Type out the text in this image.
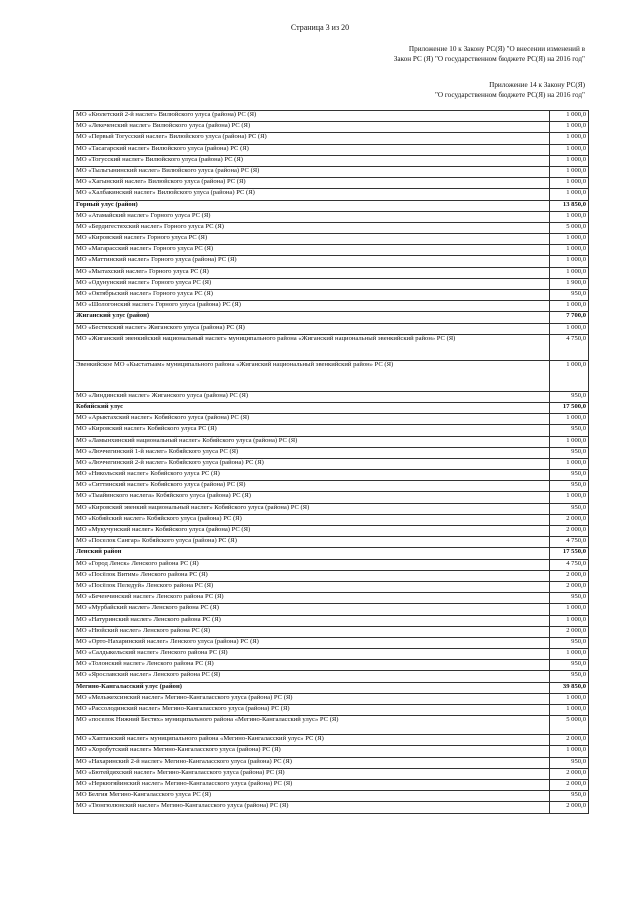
Страница 3 из 20
Приложение 10 к Закону РС(Я) "О внесении изменений в
Закон РС (Я) "О государственном бюджете РС(Я) на 2016 год"
Приложение 14 к Закону РС(Я)
"О государственном бюджете РС(Я) на 2016 год"
МО «Кюлетский 2-й наслег» Вилюйского улуса (района) РС (Я)	1 000,0
МО «Лекеченский наслег» Вилюйского улуса (района) РС (Я)	1 000,0
МО «Первый Тогусский наслег» Вилюйского улуса (района) РС (Я)	1 000,0
МО «Тасагарский наслег» Вилюйского улуса (района) РС (Я)	1 000,0
МО «Тогусский наслег» Вилюйского улуса (района) РС (Я)	1 000,0
МО «Тыльгынинский наслег» Вилюйского улуса (района) РС (Я)	1 000,0
МО «Хагынский наслег» Вилюйского улуса (района) РС (Я)	1 000,0
МО «Халбакинский наслег» Вилюйского улуса (района) РС (Я)	1 000,0
Горный улус (район)	13 850,0
МО «Атамайский наслег» Горного улуса РС (Я)	1 000,0
МО «Бердигестяхский наслег» Горного улуса РС (Я)	5 000,0
МО «Кировский наслег» Горного улуса РС (Я)	1 000,0
МО «Магарасский наслег» Горного улуса РС (Я)	1 000,0
МО «Маттинский наслег» Горного улуса (района) РС (Я)	1 000,0
МО «Мытахский наслег» Горного улуса РС (Я)	1 000,0
МО «Одунунский наслег» Горного улуса РС (Я)	1 900,0
МО «Октябрьский наслег» Горного улуса РС (Я)	950,0
МО «Шологонский наслег» Горного улуса (района) РС (Я)	1 000,0
Жиганский улус (район)	7 700,0
МО «Бестяхский наслег» Жиганского улуса (района) РС (Я)	1 000,0
МО «Жиганский эвенкийский национальный наслег» муниципального района «Жиганский национальный эвенкийский район» РС (Я)	4 750,0
Эвенкийское МО «Кыстатыам» муниципального района «Жиганский национальный эвенкийский район» РС (Я)	1 000,0
МО «Линдинский наслег» Жиганского улуса (района) РС (Я)	950,0
Кобяйский улус	17 500,0
МО «Арыктахский наслег» Кобяйского улуса (района) РС (Я)	1 000,0
МО «Кировский наслег» Кобяйского улуса РС (Я)	950,0
МО «Ламынхинский национальный наслег» Кобяйского улуса (района) РС (Я)	1 000,0
МО «Люччегинский 1-й наслег» Кобяйского улуса РС (Я)	950,0
МО «Люччегинский 2-й наслег» Кобяйского улуса (района) РС (Я)	1 000,0
МО «Никольский наслег» Кобяйского улуса РС (Я)	950,0
МО «Ситтинский наслег» Кобяйского улуса (района) РС (Я)	950,0
МО «Тыайинского наслега» Кобяйского улуса (района) РС (Я)	1 000,0
МО «Кировский эвенкий национальный наслег» Кобяйского улуса (района) РС (Я)	950,0
МО «Кобяйский наслег» Кобяйского улуса (района) РС (Я)	2 000,0
МО «Мукучунский наслег» Кобяйского улуса (района) РС (Я)	2 000,0
МО «Поселок Сангар» Кобяйского улуса (района) РС (Я)	4 750,0
Ленский район	17 550,0
МО «Город Ленск» Ленского района РС (Я)	4 750,0
МО «Посёлок Витим» Ленского района РС (Я)	2 000,0
МО «Посёлок Пеледуй» Ленского района РС (Я)	2 000,0
МО «Беченчинский наслег» Ленского района РС (Я)	950,0
МО «Мурбайский наслег» Ленского района РС (Я)	1 000,0
МО «Натуринский наслег» Ленского района РС (Я)	1 000,0
МО «Нюйский наслег» Ленского района РС (Я)	2 000,0
МО «Орто-Нахаринский наслег» Ленского улуса (района) РС (Я)	950,0
МО «Салдыкельский наслег» Ленского района РС (Я)	1 000,0
МО «Толонский наслег» Ленского района РС (Я)	950,0
МО «Ярославский наслег» Ленского района РС (Я)	950,0
Мегино-Кангаласский улус (район)	39 850,0
МО «Мельжехсинский наслег» Мегино-Кангаласского улуса (района) РС (Я)	1 000,0
МО «Рассолодинский наслег» Мегино-Кангаласского улуса (района) РС (Я)	1 000,0
МО «поселок Нижний Бестях» муниципального района «Мегино-Кангаласский улус» РС (Я)	5 000,0
МО «Хаптанский наслег» муниципального района «Мегино-Кангаласский улус» РС (Я)	2 000,0
МО «Хоробутский наслег» Мегино-Кангаласского улуса (района) РС (Я)	1 000,0
МО «Нахаринский 2-й наслег» Мегино-Кангаласского улуса (района) РС (Я)	950,0
МО «Бютейдяхский наслег» Мегино-Кангаласского улуса (района) РС (Я)	2 000,0
МО «Неркюгяйинский наслег» Мегино-Кангаласского улуса (района) РС (Я)	2 000,0
МО Белгия Мегино-Кангаласского улуса РС (Я)	950,0
МО «Тюнгюлюнский наслег» Мегино-Кангаласского улуса (района) РС (Я)	2 000,0
